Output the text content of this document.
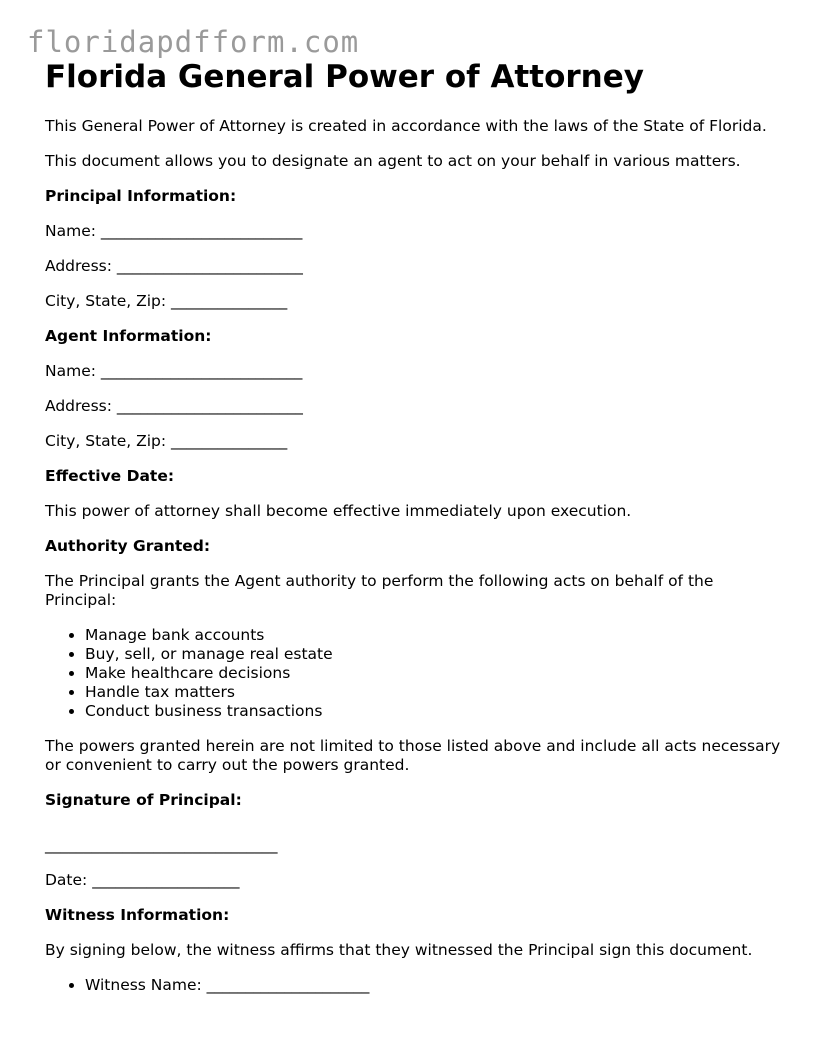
floridapdfform.com
Florida General Power of Attorney

This General Power of Attorney is created in accordance with the laws of the State of Florida.

This document allows you to designate an agent to act on your behalf in various matters.

Principal Information:

Name: __________________________

Address: ________________________

City, State, Zip: _______________

Agent Information:

Name: __________________________

Address: ________________________

City, State, Zip: _______________

Effective Date:

This power of attorney shall become effective immediately upon execution.

Authority Granted:

The Principal grants the Agent authority to perform the following acts on behalf of the Principal:

• Manage bank accounts
• Buy, sell, or manage real estate
• Make healthcare decisions
• Handle tax matters
• Conduct business transactions

The powers granted herein are not limited to those listed above and include all acts necessary or convenient to carry out the powers granted.

Signature of Principal:

______________________________

Date: ___________________

Witness Information:

By signing below, the witness affirms that they witnessed the Principal sign this document.

• Witness Name: _____________________
